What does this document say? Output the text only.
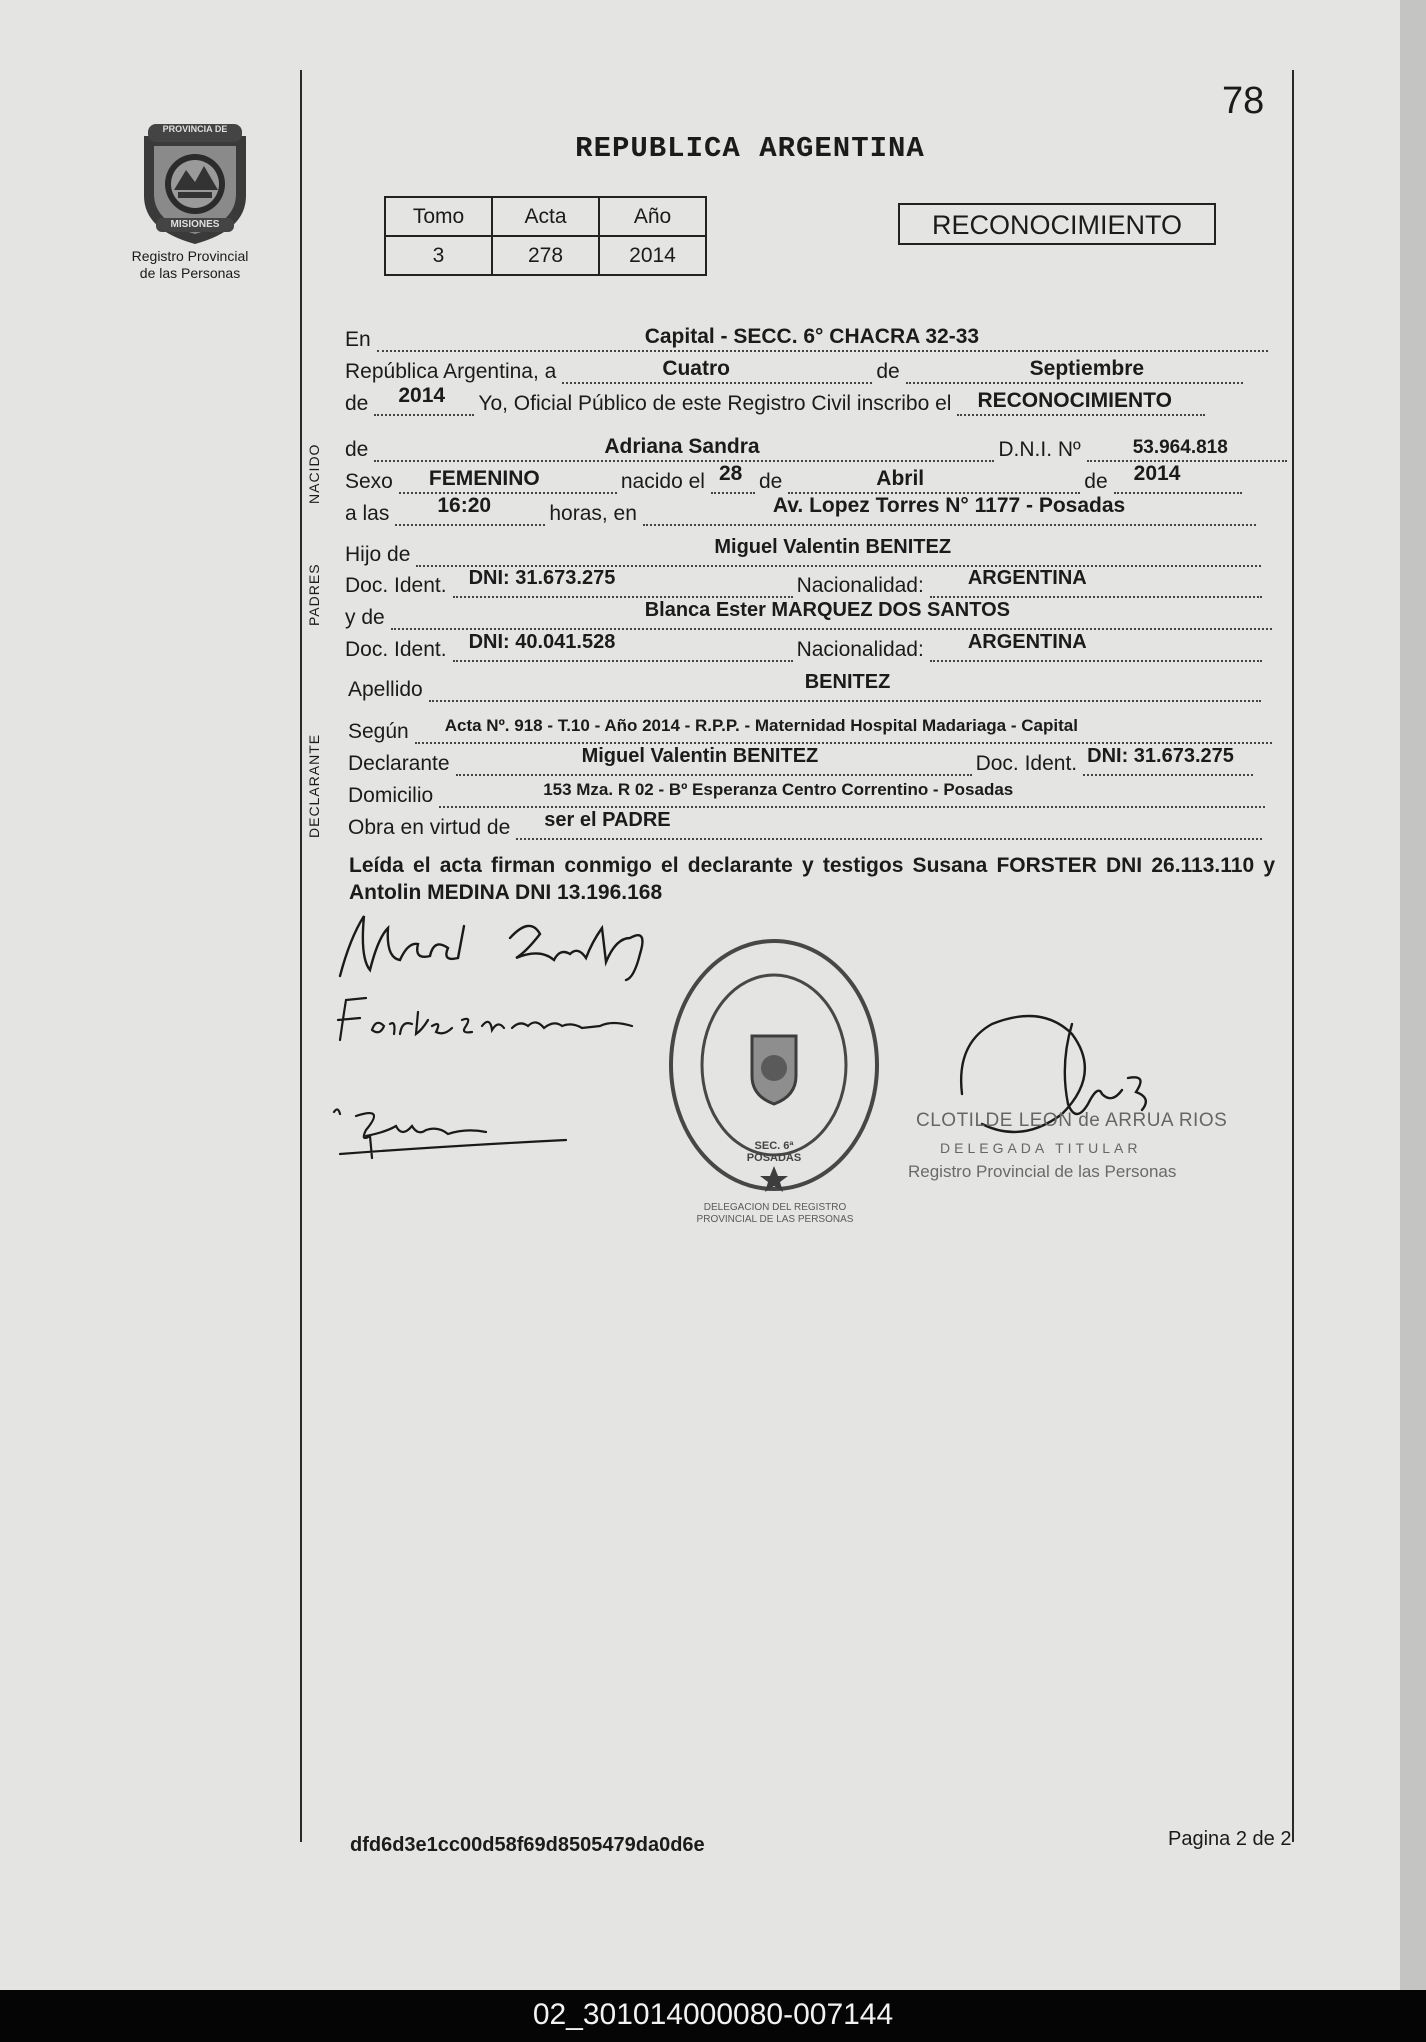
PROVINCIA DE
MISIONES
Registro Provincial
de las Personas
78
REPUBLICA ARGENTINA
Tomo	Acta	Año
3	278	2014
RECONOCIMIENTO
NACIDO
PADRES
DECLARANTE
En	Capital - SECC. 6° CHACRA 32-33
República Argentina, a	Cuatro	de	Septiembre
de 2014 Yo, Oficial Público de este Registro Civil inscribo el RECONOCIMIENTO
de	Adriana Sandra	D.N.I. Nº	53.964.818
Sexo FEMENINO	nacido el 28 de	Abril	de 2014
a las 16:20	horas, en	Av. Lopez Torres N° 1177 - Posadas
Hijo de	Miguel Valentin BENITEZ
Doc. Ident.	DNI: 31.673.275	Nacionalidad:	ARGENTINA
y de	Blanca Ester MARQUEZ DOS SANTOS
Doc. Ident.	DNI: 40.041.528	Nacionalidad:	ARGENTINA
Apellido	BENITEZ
Según	Acta Nº. 918 - T.10 - Año 2014 - R.P.P. - Maternidad Hospital Madariaga - Capital
Declarante	Miguel Valentin BENITEZ	Doc. Ident. DNI: 31.673.275
Domicilio	153 Mza. R 02 - Bº Esperanza Centro Correntino - Posadas
Obra en virtud de	ser el PADRE
Leída el acta firman conmigo el declarante y testigos Susana FORSTER DNI 26.113.110 y Antolin MEDINA DNI 13.196.168
DELEGACION DEL REGISTRO PROVINCIAL DE LAS PERSONAS
SEC. 6ª POSADAS
CLOTILDE LEON de ARRUA RIOS
DELEGADA TITULAR
Registro Provincial de las Personas
dfd6d3e1cc00d58f69d8505479da0d6e	Pagina 2 de 2
02_301014000080-007144
